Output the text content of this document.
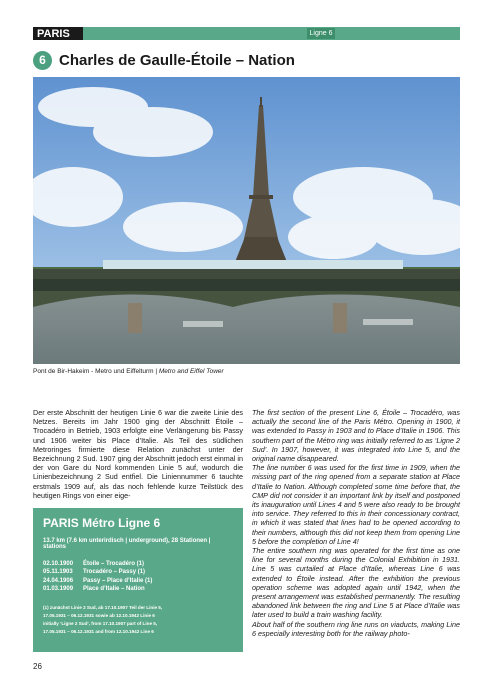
PARIS	Ligne 6
6 Charles de Gaulle-Étoile – Nation
Pont de Bir-Hakeim - Metro und Eiffelturm | Metro and Eiffel Tower
Der erste Abschnitt der heutigen Linie 6 war die zweite Linie des Netzes. Bereits im Jahr 1900 ging der Abschnitt Étoile – Trocadéro in Betrieb, 1903 erfolgte eine Verlängerung bis Passy und 1906 weiter bis Place d’Italie. Als Teil des südlichen Metroringes firmierte diese Relation zunächst unter der Bezeichnung 2 Sud. 1907 ging der Abschnitt jedoch erst einmal in der von Gare du Nord kommenden Linie 5 auf, wodurch die Linienbezeichnung 2 Sud entfiel. Die Liniennummer 6 tauchte erstmals 1909 auf, als das noch fehlende kurze Teilstück des heutigen Rings von einer eige-

The first section of the present Line 6, Étoile – Trocadéro, was actually the second line of the Paris Métro. Opening in 1900, it was extended to Passy in 1903 and to Place d’Italie in 1906. This southern part of the Métro ring was initially referred to as ‘Ligne 2 Sud’. In 1907, however, it was integrated into Line 5, and the original name disappeared.

The line number 6 was used for the first time in 1909, when the missing part of the ring opened from a separate station at Place d’Italie to Nation. Although completed some time before that, the CMP did not consider it an important link by itself and postponed its inauguration until Lines 4 and 5 were also ready to be brought into service. They referred to this in their concessionary contract, in which it was stated that lines had to be opened according to their numbers, although this did not keep them from opening Line 5 before the completion of Line 4!

The entire southern ring was operated for the first time as one line for several months during the Colonial Exhibition in 1931. Line 5 was curtailed at Place d’Italie, whereas Line 6 was extended to Étoile instead. After the exhibition the previous operation scheme was adopted again until 1942, when the present arrangement was established permanently. The resulting abandoned link between the ring and Line 5 at Place d’Italie was later used to build a train washing facility.

About half of the southern ring line runs on viaducts, making Line 6 especially interesting both for the railway photo-

PARIS Métro Ligne 6
13.7 km (7.6 km unterirdisch | underground), 28 Stationen | stations
02.10.1900	Étoile – Trocadéro (1)
05.11.1903	Trocadéro – Passy (1)
24.04.1906	Passy – Place d’Italie (1)
01.03.1909	Place d’Italie – Nation
(1) zunächst Linie 2 Sud, ab 17.10.1907 Teil der Linie 5,
17.05.1931 – 06.12.1931 sowie ab 12.10.1942 Linie 6
initially ‘Ligne 2 Sud’, from 17.10.1907 part of Line 5,
17.05.1931 – 06.12.1931 and from 12.10.1942 Line 6
26
